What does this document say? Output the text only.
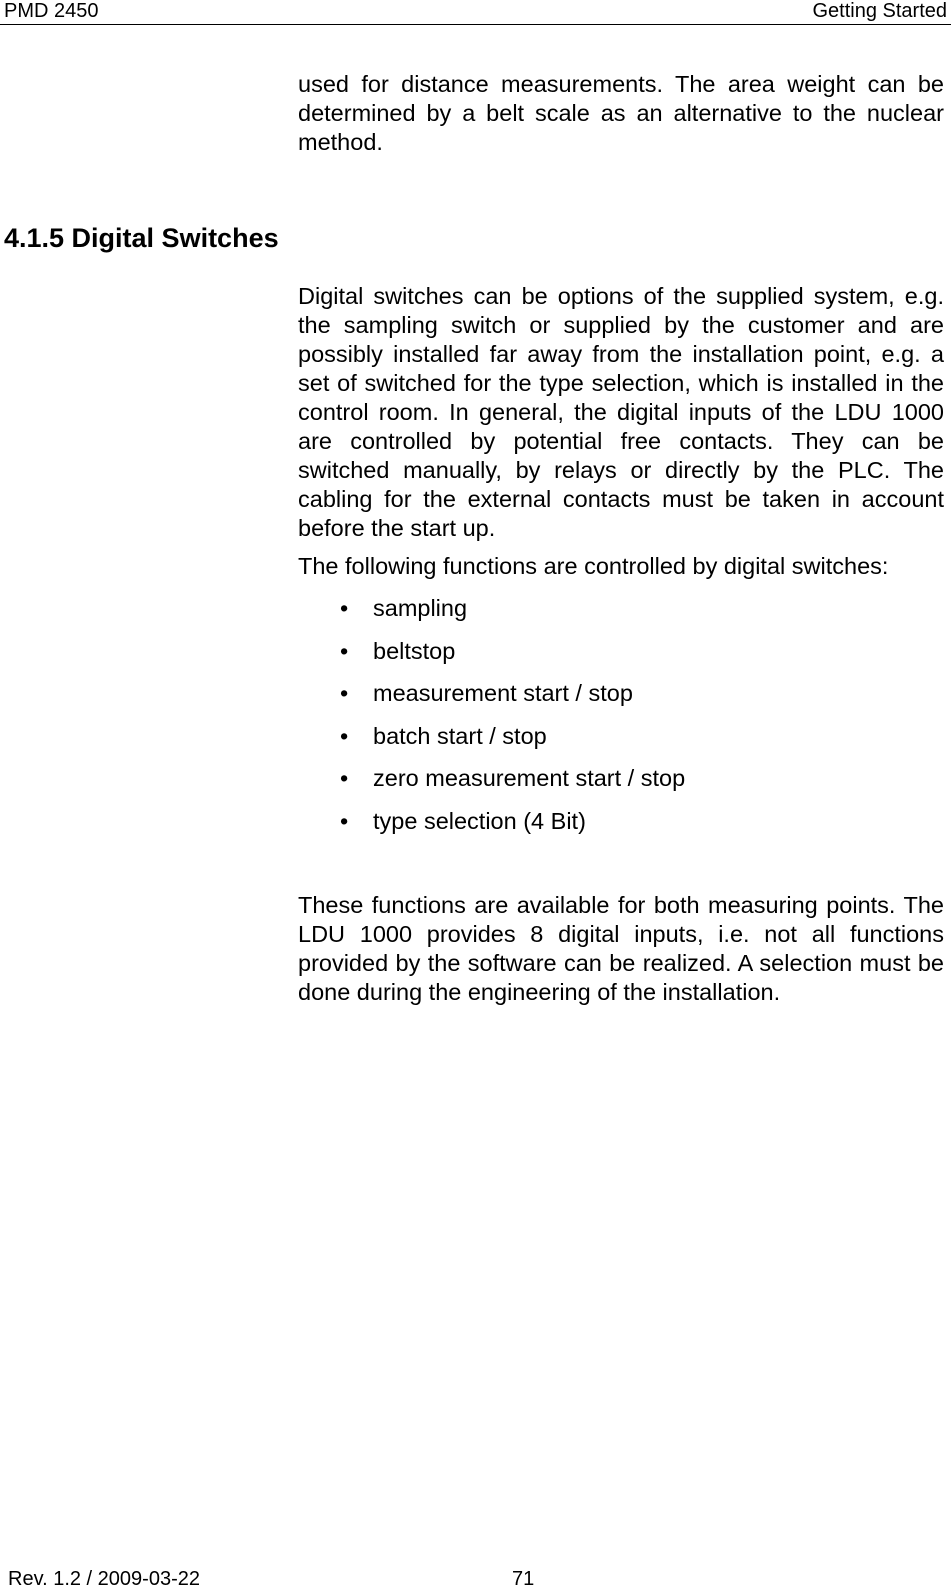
PMD 2450	Getting Started

used for distance measurements. The area weight can be determined by a belt scale as an alternative to the nuclear method.

4.1.5 Digital Switches

Digital switches can be options of the supplied system, e.g. the sampling switch or supplied by the customer and are possibly installed far away from the installation point, e.g. a set of switched for the type selection, which is installed in the control room. In general, the digital inputs of the LDU 1000 are controlled by potential free contacts. They can be switched manually, by relays or directly by the PLC. The cabling for the external contacts must be taken in account before the start up.

The following functions are controlled by digital switches:

• sampling
• beltstop
• measurement start / stop
• batch start / stop
• zero measurement start / stop
• type selection (4 Bit)

These functions are available for both measuring points. The LDU 1000 provides 8 digital inputs, i.e. not all functions provided by the software can be realized. A selection must be done during the engineering of the installation.

Rev. 1.2 / 2009-03-22	71
